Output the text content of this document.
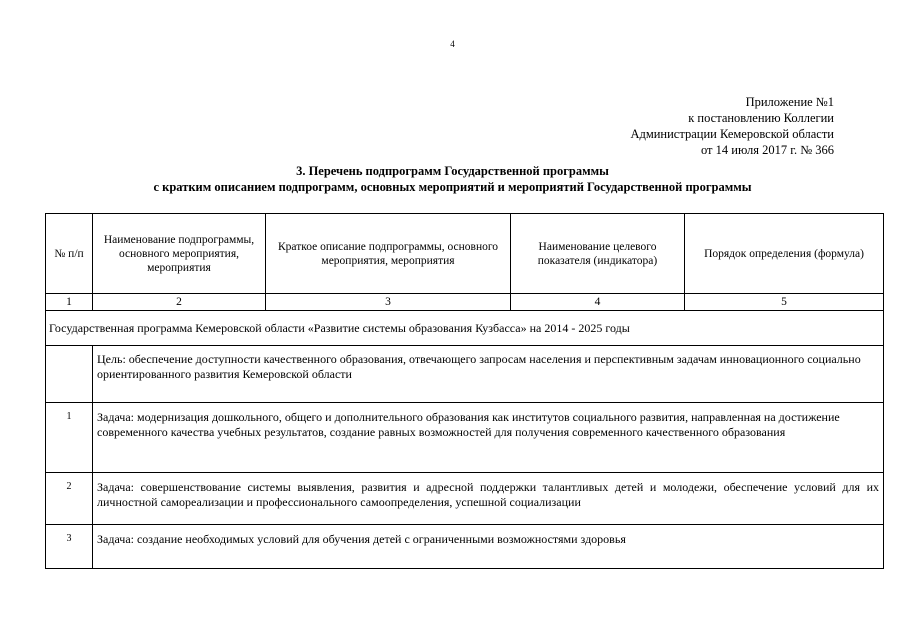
4
Приложение №1
к постановлению Коллегии
Администрации Кемеровской области
от 14 июля 2017 г. № 366
3. Перечень подпрограмм Государственной программы
с кратким описанием подпрограмм, основных мероприятий и мероприятий Государственной программы
№ п/п	Наименование подпрограммы, основного мероприятия, мероприятия	Краткое описание подпрограммы, основного мероприятия, мероприятия	Наименование целевого показателя (индикатора)	Порядок определения (формула)
1	2	3	4	5
Государственная программа Кемеровской области «Развитие системы образования Кузбасса» на 2014 - 2025 годы				
	Цель: обеспечение доступности качественного образования, отвечающего запросам населения и перспективным задачам инновационного социально ориентированного развития Кемеровской области			
1	Задача: модернизация дошкольного, общего и дополнительного образования как институтов социального развития, направленная на достижение современного качества учебных результатов, создание равных возможностей для получения современного качественного образования			
2	Задача: совершенствование системы выявления, развития и адресной поддержки талантливых детей и молодежи, обеспечение условий для их личностной самореализации и профессионального самоопределения, успешной социализации			
3	Задача: создание необходимых условий для обучения детей с ограниченными возможностями здоровья			
